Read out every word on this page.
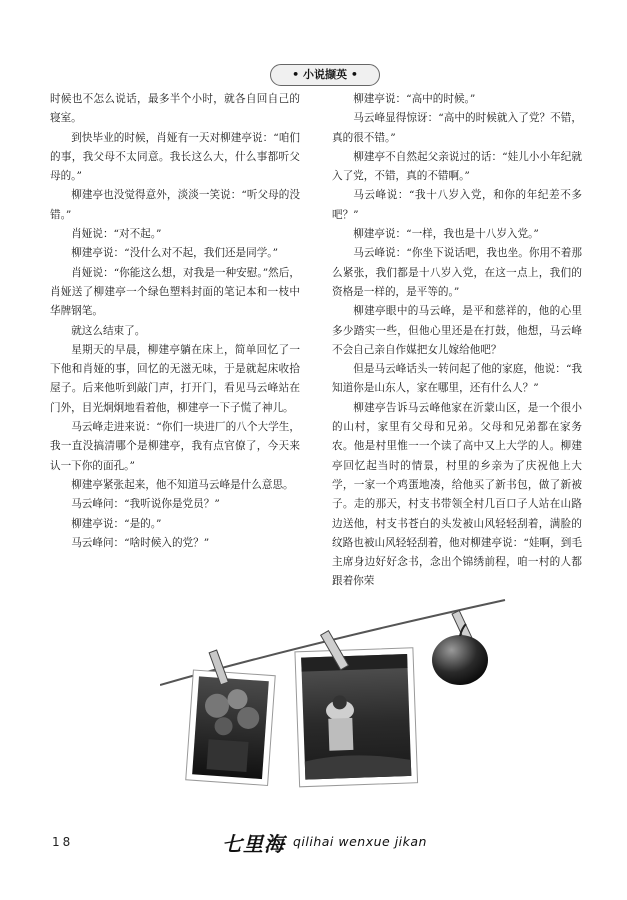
• 小说撷英 •

时候也不怎么说话，最多半个小时，就各自回自己的寝室。

到快毕业的时候，肖娅有一天对柳建亭说：“咱们的事，我父母不太同意。我长这么大，什么事都听父母的。”

柳建亭也没觉得意外，淡淡一笑说：“听父母的没错。”

肖娅说：“对不起。”

柳建亭说：“没什么对不起，我们还是同学。”

肖娅说：“你能这么想，对我是一种安慰。”然后，肖娅送了柳建亭一个绿色塑料封面的笔记本和一枝中华牌钢笔。

就这么结束了。

星期天的早晨，柳建亭躺在床上，简单回忆了一下他和肖娅的事，回忆的无滋无味，于是就起床收拾屋子。后来他听到敲门声，打开门，看见马云峰站在门外，目光炯炯地看着他，柳建亭一下子慌了神儿。

马云峰走进来说：“你们一块进厂的八个大学生，我一直没搞清哪个是柳建亭，我有点官僚了，今天来认一下你的面孔。”

柳建亭紧张起来，他不知道马云峰是什么意思。

马云峰问：“我听说你是党员？”

柳建亭说：“是的。”

马云峰问：“啥时候入的党？”

柳建亭说：“高中的时候。”

马云峰显得惊讶：“高中的时候就入了党？不错，真的很不错。”

柳建亭不自然起父亲说过的话：“娃儿小小年纪就入了党，不错，真的不错啊。”

马云峰说：“我十八岁入党，和你的年纪差不多吧？”

柳建亭说：“一样，我也是十八岁入党。”

马云峰说：“你坐下说话吧，我也坐。你用不着那么紧张，我们都是十八岁入党，在这一点上，我们的资格是一样的，是平等的。”

柳建亭眼中的马云峰，是平和慈祥的，他的心里多少踏实一些，但他心里还是在打鼓，他想，马云峰不会自己亲自作媒把女儿嫁给他吧？

但是马云峰话头一转问起了他的家庭，他说：“我知道你是山东人，家在哪里，还有什么人？”

柳建亭告诉马云峰他家在沂蒙山区，是一个很小的山村，家里有父母和兄弟。父母和兄弟都在家务农。他是村里惟一一个读了高中又上大学的人。柳建亭回忆起当时的情景，村里的乡亲为了庆祝他上大学，一家一个鸡蛋地凑，给他买了新书包，做了新被子。走的那天，村支书带领全村几百口子人站在山路边送他，村支书苍白的头发被山风轻轻刮着，满脸的纹路也被山风轻轻刮着，他对柳建亭说：“娃啊，到毛主席身边好好念书，念出个锦绣前程，咱一村的人都跟着你荣

18	七里海 qilihai wenxue jikan
